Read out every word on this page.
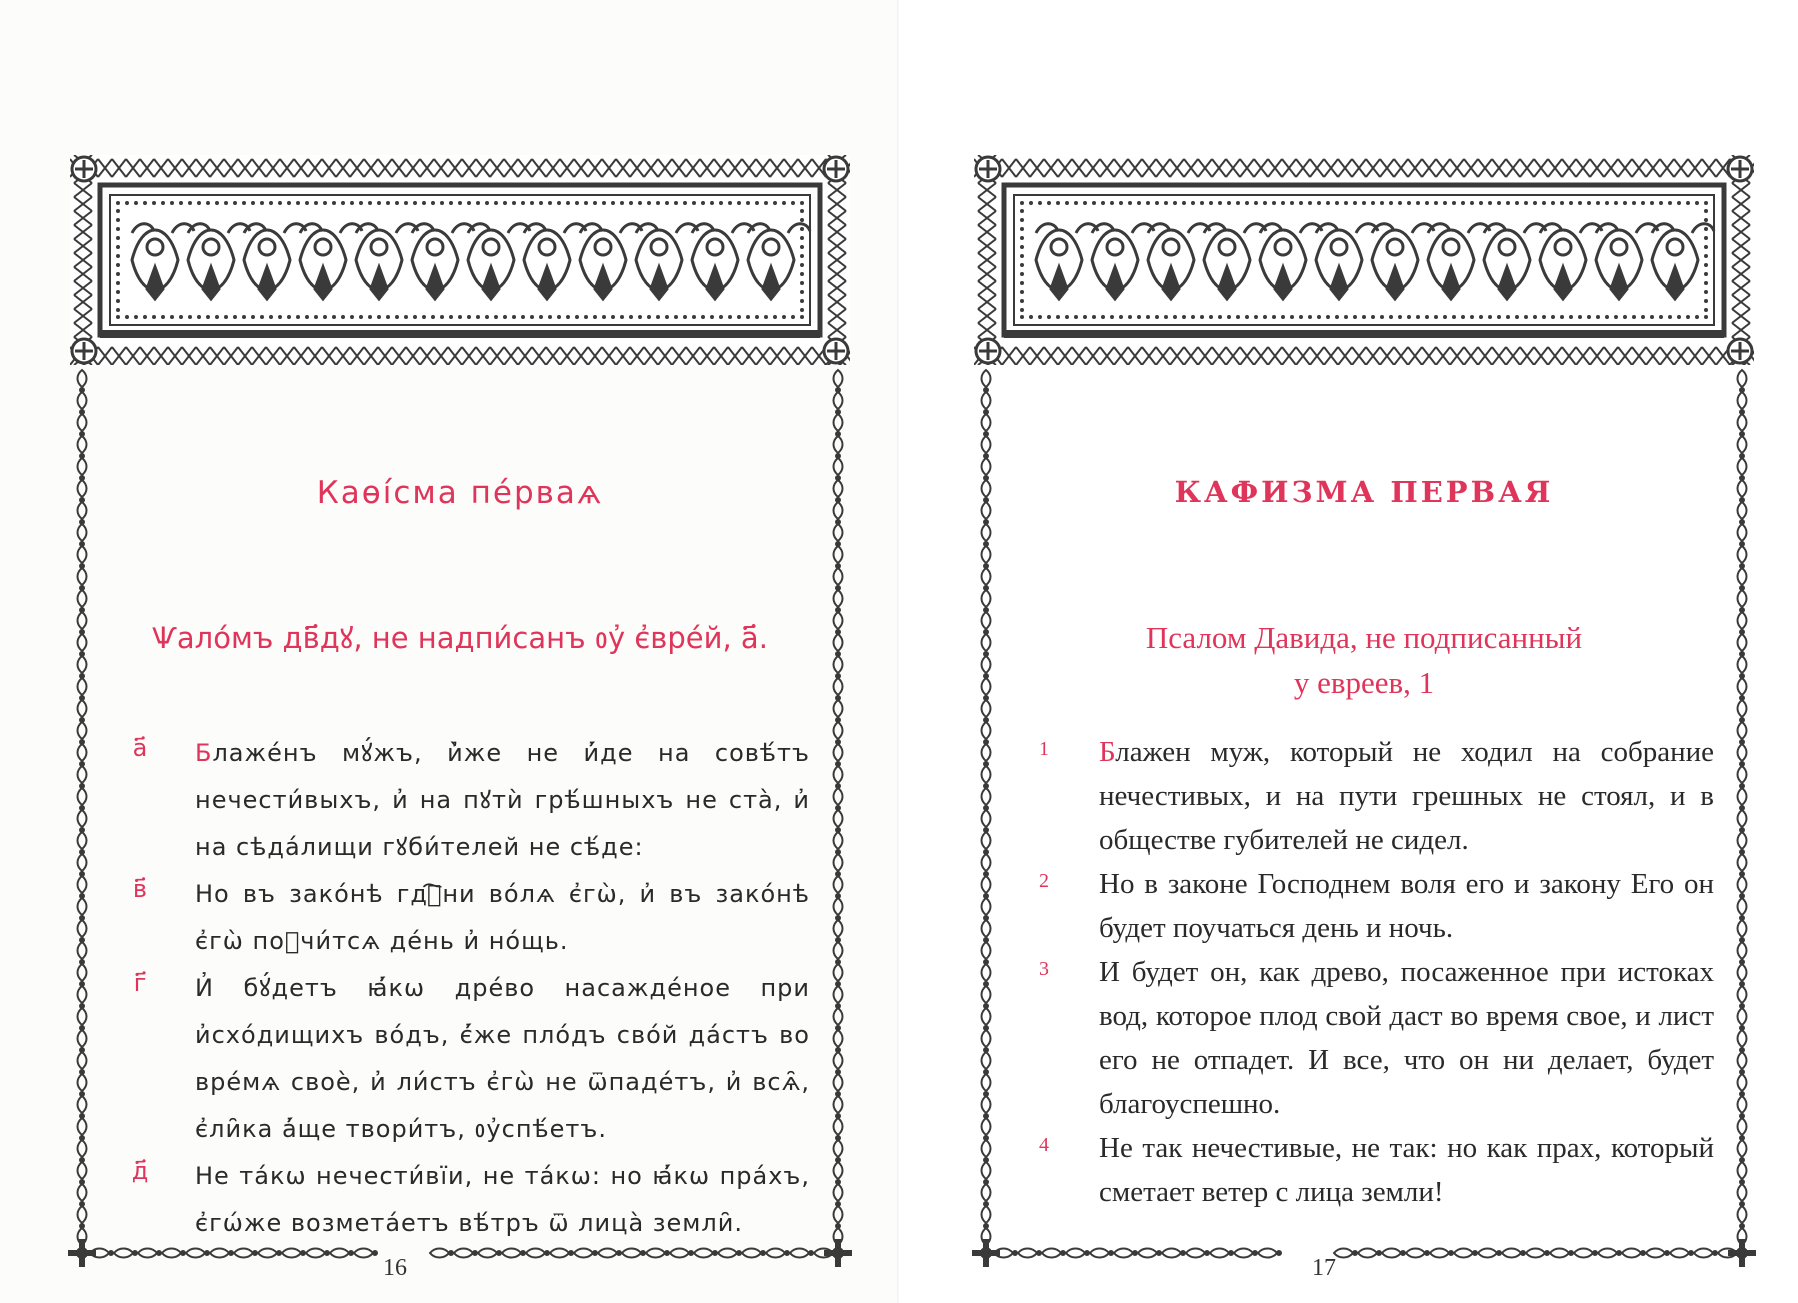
Каѳі́сма пе́рваѧ
Ѱало́мъ дв҃дꙋ, не надпи́санъ ᲂу҆ є҆вре́й, а҃.
а҃	Блаже́нъ мꙋ́жъ, и҆̀же не и҆́де на совѣ́тъ нечести́выхъ, и҆ на пꙋтѝ грѣ́шныхъ не ста̀, и҆ на сѣда́лищи гꙋби́телей не сѣ́де:
в҃	Но въ зако́нѣ гдⷭ҇ни во́лѧ є҆гѡ̀, и҆ въ зако́нѣ є҆гѡ̀ поꙋчи́тсѧ де́нь и҆ но́щь.
г҃	И҆ бꙋ́детъ ꙗ҆́кѡ дре́во насажде́ное при и҆схо́дищихъ во́дъ, є҆́же пло́дъ сво́й да́стъ во вре́мѧ своѐ, и҆ ли́стъ є҆гѡ̀ не ѿпаде́тъ, и҆ всѧ̑, є҆ли̑ка а҆́ще твори́тъ, ᲂу҆спѣ́етъ.
д҃	Не та́кѡ нечести́вїи, не та́кѡ: но ꙗ҆́кѡ пра́хъ, є҆гѡ́же возмета́етъ вѣ́тръ ѿ лица̀ земли̑.
16
КАФИЗМА ПЕРВАЯ
Псалом Давида, не подписанный
у евреев, 1
1	Блажен муж, который не ходил на собрание нечестивых, и на пути грешных не стоял, и в обществе губителей не сидел.
2	Но в законе Господнем воля его и закону Его он будет поучаться день и ночь.
3	И будет он, как древо, посаженное при истоках вод, которое плод свой даст во время свое, и лист его не отпадет. И все, что он ни делает, будет благоуспешно.
4	Не так нечестивые, не так: но как прах, который сметает ветер с лица земли!
17
